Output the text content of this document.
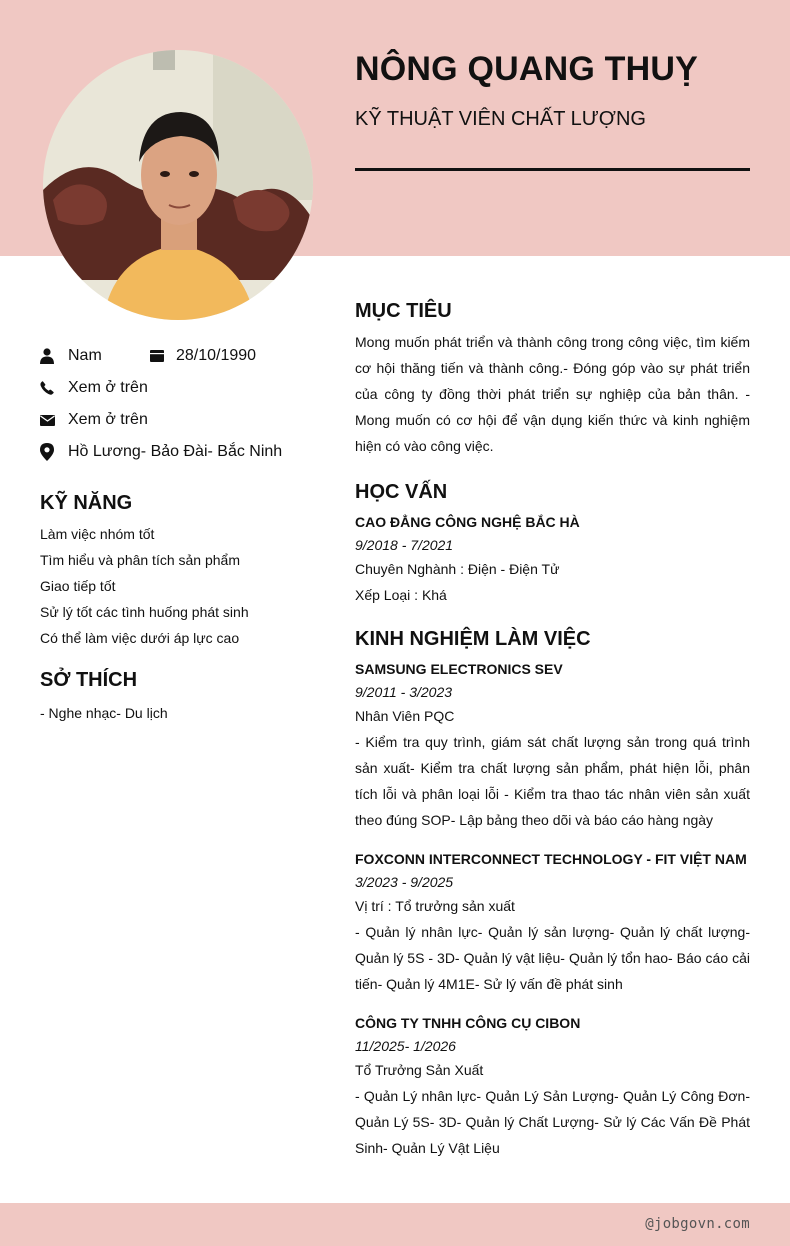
NÔNG QUANG THUỴ
KỸ THUẬT VIÊN CHẤT LƯỢNG
Nam	28/10/1990
Xem ở trên
Xem ở trên
Hồ Lương- Bảo Đài- Bắc Ninh
KỸ NĂNG
Làm việc nhóm tốt
Tìm hiểu và phân tích sản phẩm
Giao tiếp tốt
Sử lý tốt các tình huống phát sinh
Có thể làm việc dưới áp lực cao
SỞ THÍCH
- Nghe nhạc- Du lịch
MỤC TIÊU
Mong muốn phát triển và thành công trong công việc, tìm kiếm cơ hội thăng tiến và thành công.- Đóng góp vào sự phát triển của công ty đồng thời phát triển sự nghiệp của bản thân. - Mong muốn có cơ hội để vận dụng kiến thức và kinh nghiệm hiện có vào công việc.
HỌC VẤN
CAO ĐẲNG CÔNG NGHỆ BẮC HÀ
9/2018 - 7/2021
Chuyên Nghành : Điện - Điện Tử
Xếp Loại : Khá
KINH NGHIỆM LÀM VIỆC
SAMSUNG ELECTRONICS SEV
9/2011 - 3/2023
Nhân Viên PQC
- Kiểm tra quy trình, giám sát chất lượng sản trong quá trình sản xuất- Kiểm tra chất lượng sản phẩm, phát hiện lỗi, phân tích lỗi và phân loại lỗi - Kiểm tra thao tác nhân viên sản xuất theo đúng SOP- Lập bảng theo dõi và báo cáo hàng ngày
FOXCONN INTERCONNECT TECHNOLOGY - FIT VIỆT NAM
3/2023 - 9/2025
Vị trí : Tổ trưởng sản xuất
- Quản lý nhân lực- Quản lý sản lượng- Quản lý chất lượng- Quản lý 5S - 3D- Quản lý vật liệu- Quản lý tổn hao- Báo cáo cải tiến- Quản lý 4M1E- Sử lý vấn đề phát sinh
CÔNG TY TNHH CÔNG CỤ CIBON
11/2025- 1/2026
Tổ Trưởng Sản Xuất
- Quản Lý nhân lực- Quản Lý Sản Lượng- Quản Lý Công Đơn- Quản Lý 5S- 3D- Quản lý Chất Lượng- Sử lý Các Vấn Đề Phát Sinh- Quản Lý Vật Liệu
@jobgovn.com
